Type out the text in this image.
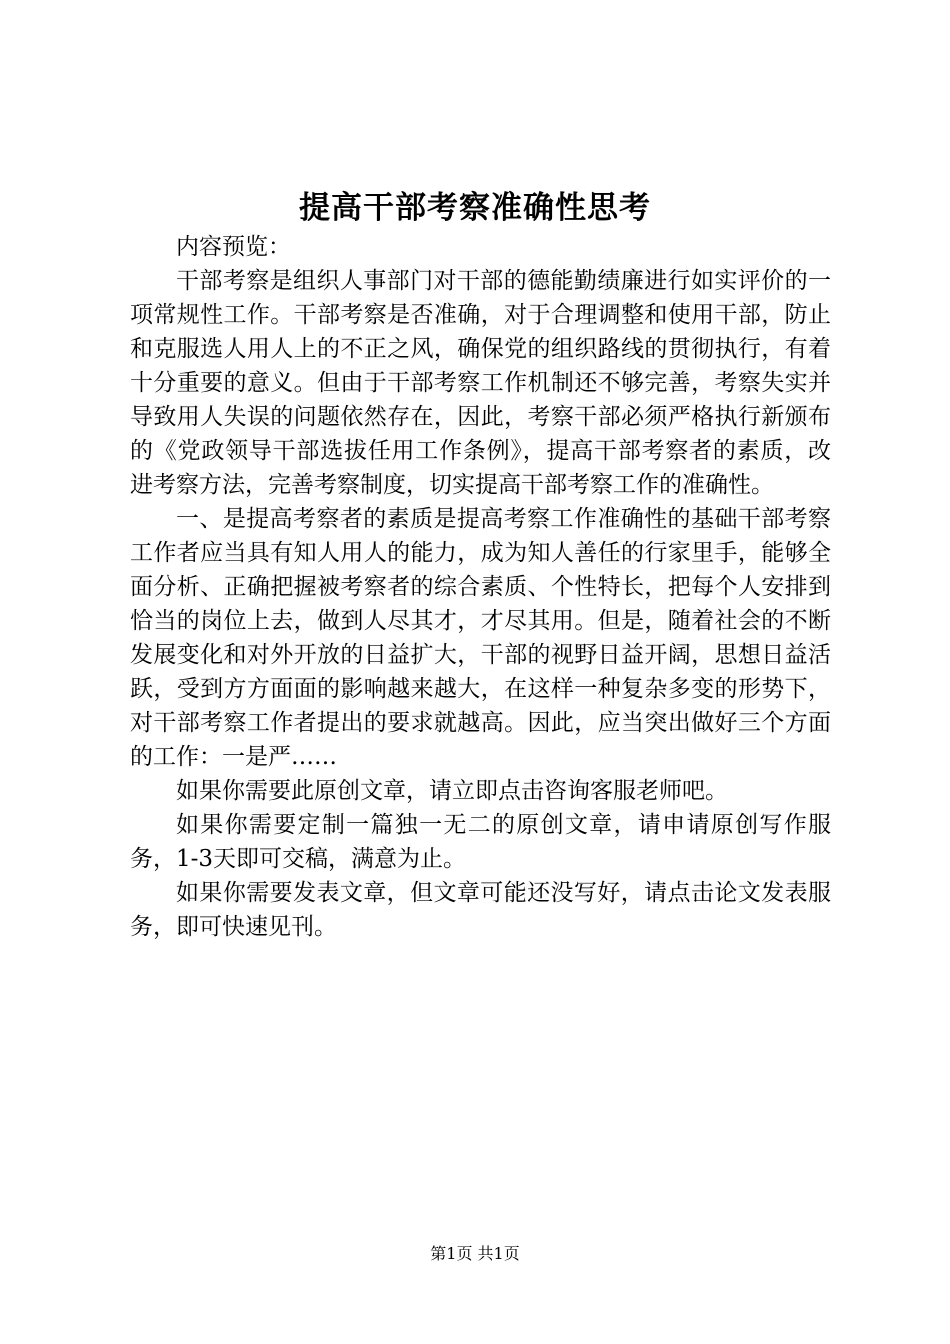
提高干部考察准确性思考

内容预览：

干部考察是组织人事部门对干部的德能勤绩廉进行如实评价的一项常规性工作。干部考察是否准确，对于合理调整和使用干部，防止和克服选人用人上的不正之风，确保党的组织路线的贯彻执行，有着十分重要的意义。但由于干部考察工作机制还不够完善，考察失实并导致用人失误的问题依然存在，因此，考察干部必须严格执行新颁布的《党政领导干部选拔任用工作条例》，提高干部考察者的素质，改进考察方法，完善考察制度，切实提高干部考察工作的准确性。

一、是提高考察者的素质是提高考察工作准确性的基础干部考察工作者应当具有知人用人的能力，成为知人善任的行家里手，能够全面分析、正确把握被考察者的综合素质、个性特长，把每个人安排到恰当的岗位上去，做到人尽其才，才尽其用。但是，随着社会的不断发展变化和对外开放的日益扩大，干部的视野日益开阔，思想日益活跃，受到方方面面的影响越来越大，在这样一种复杂多变的形势下，对干部考察工作者提出的要求就越高。因此，应当突出做好三个方面的工作：一是严……

如果你需要此原创文章，请立即点击咨询客服老师吧。

如果你需要定制一篇独一无二的原创文章，请申请原创写作服务，1-3天即可交稿，满意为止。

如果你需要发表文章，但文章可能还没写好，请点击论文发表服务，即可快速见刊。

第1页 共1页
